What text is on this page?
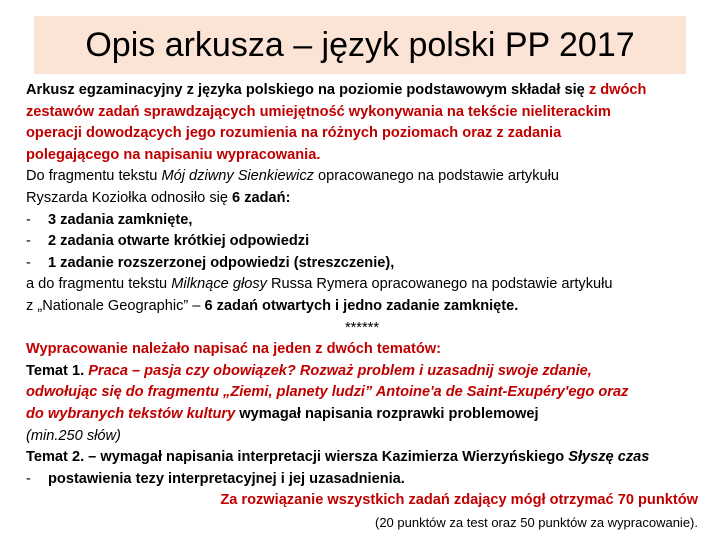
Opis arkusza – język polski PP 2017
Arkusz egzaminacyjny z języka polskiego na poziomie podstawowym składał się z dwóch
zestawów zadań sprawdzających umiejętność wykonywania na tekście nieliterackim
operacji dowodzących jego rozumienia na różnych poziomach oraz z zadania
polegającego na napisaniu wypracowania.
Do fragmentu tekstu Mój dziwny Sienkiewicz opracowanego na podstawie artykułu
Ryszarda Koziołka odnosiło się 6 zadań:
- 3 zadania zamknięte,
- 2 zadania otwarte krótkiej odpowiedzi
- 1 zadanie rozszerzonej odpowiedzi (streszczenie),
a do fragmentu tekstu Milknące głosy Russa Rymera opracowanego na podstawie artykułu
z „Nationale Geographic” – 6 zadań otwartych i jedno zadanie zamknięte.
******
Wypracowanie należało napisać na jeden z dwóch tematów:
Temat 1. Praca – pasja czy obowiązek? Rozważ problem i uzasadnij swoje zdanie,
odwołując się do fragmentu „Ziemi, planety ludzi” Antoine'a de Saint-Exupéry'ego oraz
do wybranych tekstów kultury wymagał napisania rozprawki problemowej
(min.250 słów)
Temat 2. – wymagał napisania interpretacji wiersza Kazimierza Wierzyńskiego Słyszę czas
- postawienia tezy interpretacyjnej i jej uzasadnienia.
Za rozwiązanie wszystkich zadań zdający mógł otrzymać 70 punktów
(20 punktów za test oraz 50 punktów za wypracowanie).
